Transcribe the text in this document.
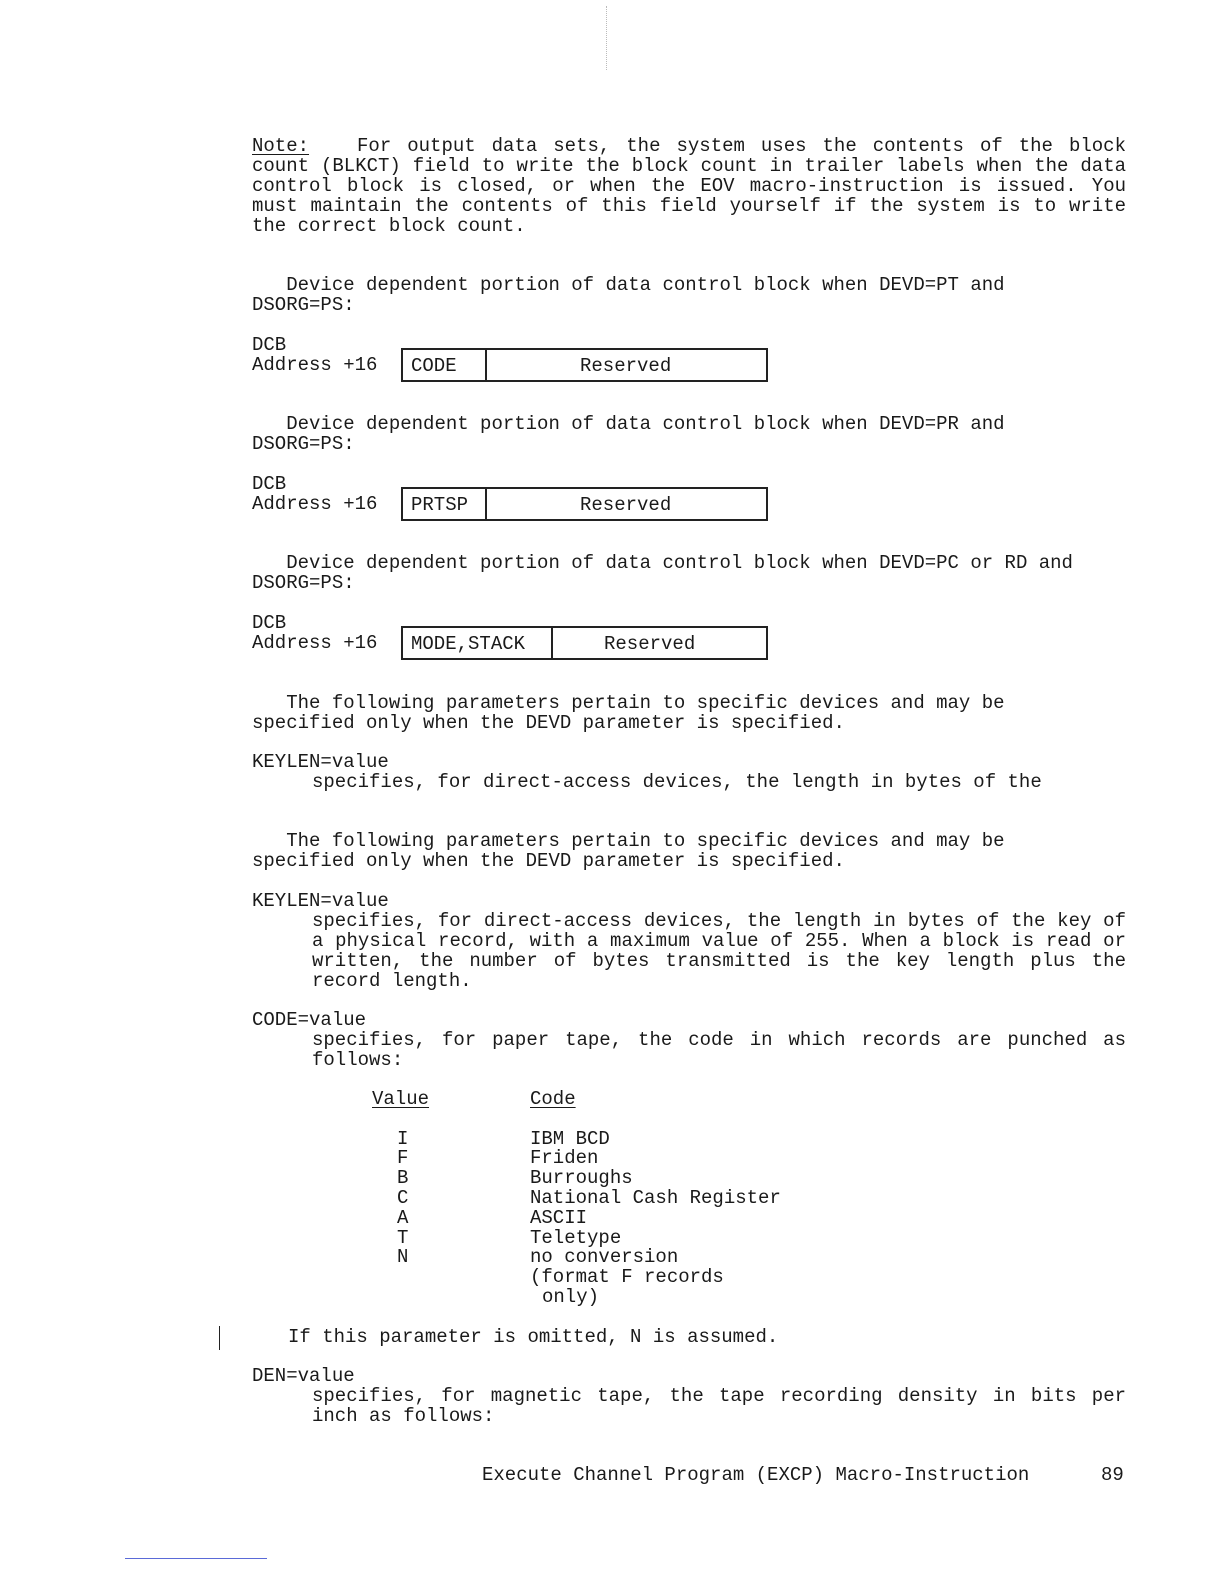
Note:	For output data sets, the system uses the contents of the block count (BLKCT) field to write the block count in trailer labels when the data control block is closed, or when the EOV macro-instruction is issued. You must maintain the contents of this field yourself if the system is to write the correct block count.

Device dependent portion of data control block when DEVD=PT and

DSORG=PS:
DCB
Address +16 CODE	Reserved

Device dependent portion of data control block when DEVD=PR and

DSORG=PS:
DCB
Address +16 PRTSP	Reserved

Device dependent portion of data control block when DEVD=PC or RD and

DSORG=PS:
DCB
Address +16 MODE,STACK	Reserved

The following parameters pertain to specific devices and may be

specified only when the DEVD parameter is specified.
KEYLEN=value
specifies, for direct-access devices, the length in bytes of the

The following parameters pertain to specific devices and may be

specified only when the DEVD parameter is specified.
KEYLEN=value

specifies, for direct-access devices, the length in bytes of the key of a physical record, with a maximum value of 255. When a block is read or written, the number of bytes transmitted is the key length plus the record length.

CODE=value

specifies, for paper tape, the code in which records are punched as follows:

Value	Code
I	IBM BCD
F	Friden
B	Burroughs
C	National Cash Register
A	ASCII
T	Teletype
N	no conversion
(format F records
only)
If this parameter is omitted, N is assumed.
DEN=value

specifies, for magnetic tape, the tape recording density in bits per inch as follows:

Execute Channel Program (EXCP) Macro-Instruction	89
